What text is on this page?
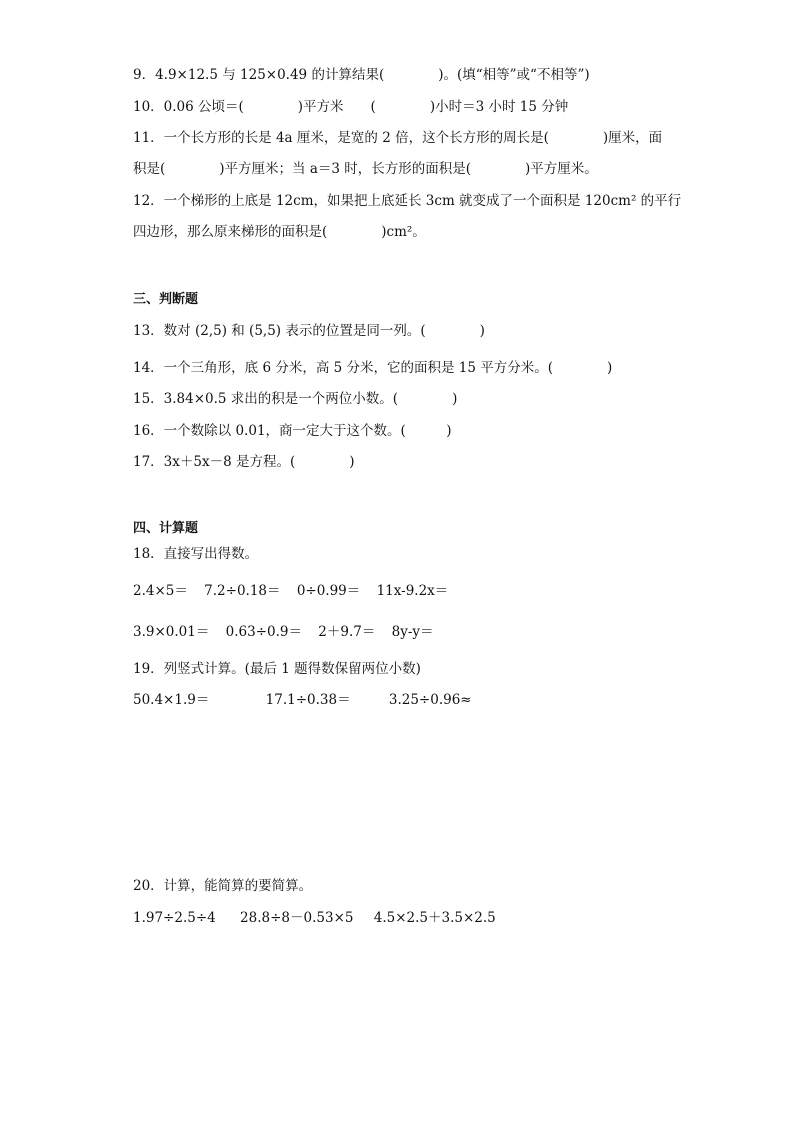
9．4.9×12.5 与 125×0.49 的计算结果(　　　　)。(填“相等”或“不相等”)
10．0.06 公顷＝(　　　　)平方米　　(　　　　)小时＝3 小时 15 分钟
11．一个长方形的长是 4a 厘米，是宽的 2 倍，这个长方形的周长是(　　　　)厘米，面
积是(　　　　)平方厘米；当 a＝3 时，长方形的面积是(　　　　)平方厘米。
12．一个梯形的上底是 12cm，如果把上底延长 3cm 就变成了一个面积是 120cm² 的平行
四边形，那么原来梯形的面积是(　　　　)cm²。
三、判断题
13．数对 (2,5) 和 (5,5) 表示的位置是同一列。(　　　　)
14．一个三角形，底 6 分米，高 5 分米，它的面积是 15 平方分米。(　　　　)
15．3.84×0.5 求出的积是一个两位小数。(　　　　)
16．一个数除以 0.01，商一定大于这个数。(　　　)
17．3x＋5x－8 是方程。(　　　　)
四、计算题
18．直接写出得数。
2.4×5＝ 7.2÷0.18＝ 0÷0.99＝ 11x-9.2x＝
3.9×0.01＝ 0.63÷0.9＝ 2＋9.7＝ 8y-y＝
19．列竖式计算。(最后 1 题得数保留两位小数)
50.4×1.9＝	17.1÷0.38＝	3.25÷0.96≈
20．计算，能简算的要简算。
1.97÷2.5÷4 28.8÷8－0.53×5 4.5×2.5＋3.5×2.5
